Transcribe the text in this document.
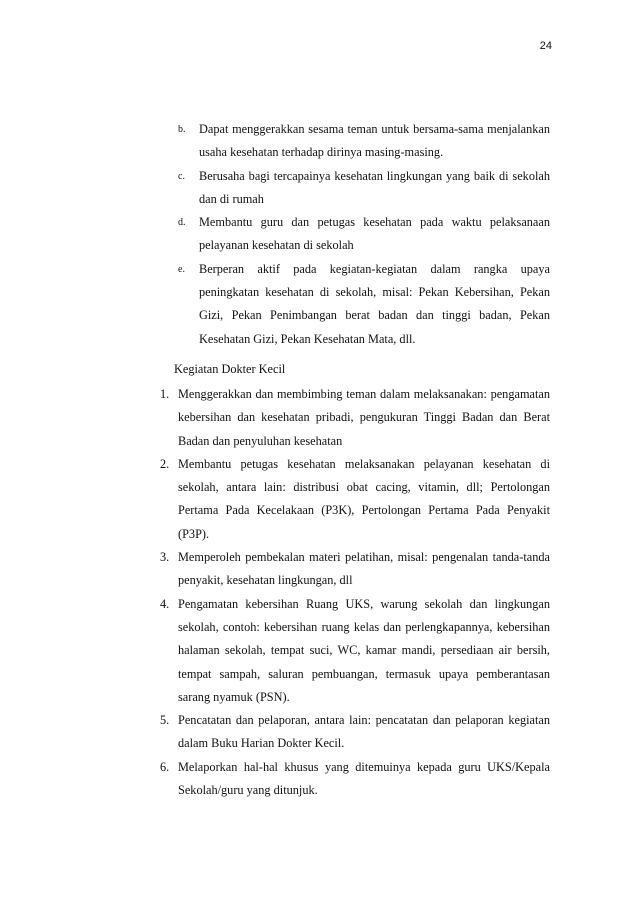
24
b. Dapat menggerakkan sesama teman untuk bersama-sama menjalankan usaha kesehatan terhadap dirinya masing-masing.
c. Berusaha bagi tercapainya kesehatan lingkungan yang baik di sekolah dan di rumah
d. Membantu guru dan petugas kesehatan pada waktu pelaksanaan pelayanan kesehatan di sekolah
e. Berperan aktif pada kegiatan-kegiatan dalam rangka upaya peningkatan kesehatan di sekolah, misal: Pekan Kebersihan, Pekan Gizi, Pekan Penimbangan berat badan dan tinggi badan, Pekan Kesehatan Gizi, Pekan Kesehatan Mata, dll.
Kegiatan Dokter Kecil
1. Menggerakkan dan membimbing teman dalam melaksanakan: pengamatan kebersihan dan kesehatan pribadi, pengukuran Tinggi Badan dan Berat Badan dan penyuluhan kesehatan
2. Membantu petugas kesehatan melaksanakan pelayanan kesehatan di sekolah, antara lain: distribusi obat cacing, vitamin, dll; Pertolongan Pertama Pada Kecelakaan (P3K), Pertolongan Pertama Pada Penyakit (P3P).
3. Memperoleh pembekalan materi pelatihan, misal: pengenalan tanda-tanda penyakit, kesehatan lingkungan, dll
4. Pengamatan kebersihan Ruang UKS, warung sekolah dan lingkungan sekolah, contoh: kebersihan ruang kelas dan perlengkapannya, kebersihan halaman sekolah, tempat suci, WC, kamar mandi, persediaan air bersih, tempat sampah, saluran pembuangan, termasuk upaya pemberantasan sarang nyamuk (PSN).
5. Pencatatan dan pelaporan, antara lain: pencatatan dan pelaporan kegiatan dalam Buku Harian Dokter Kecil.
6. Melaporkan hal-hal khusus yang ditemuinya kepada guru UKS/Kepala Sekolah/guru yang ditunjuk.
